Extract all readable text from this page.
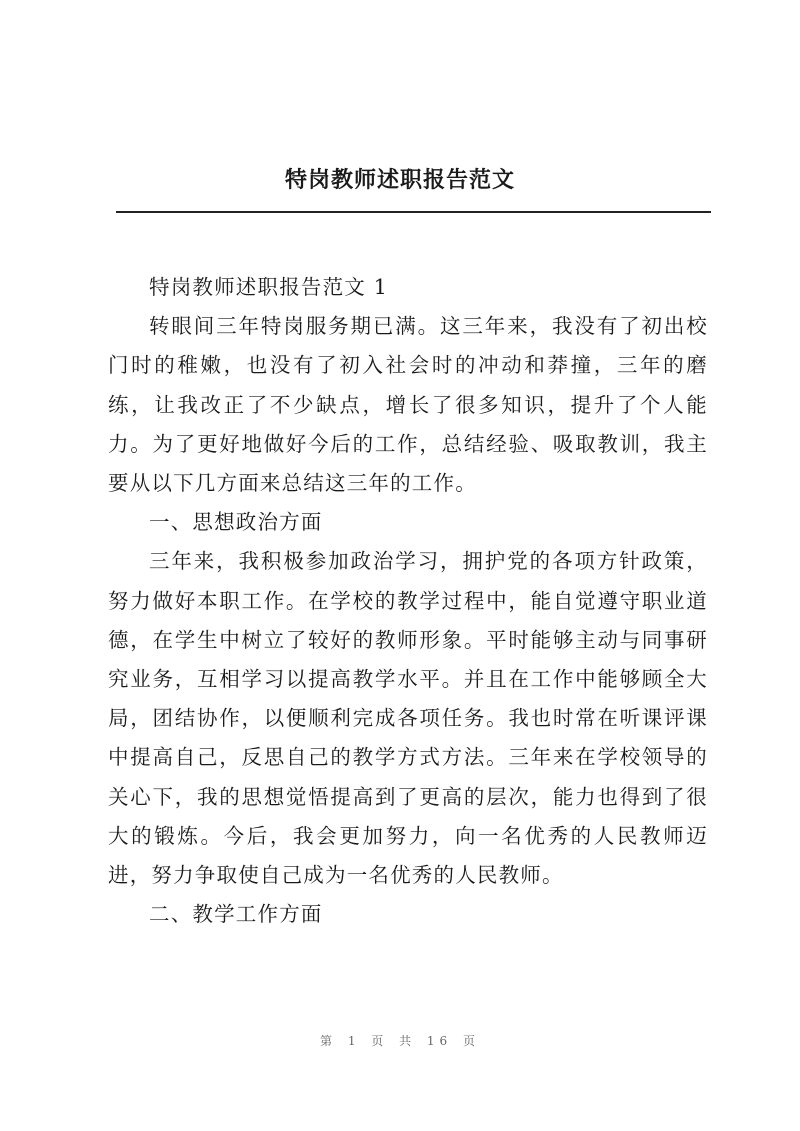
特岗教师述职报告范文

特岗教师述职报告范文 1

转眼间三年特岗服务期已满。这三年来，我没有了初出校门时的稚嫩，也没有了初入社会时的冲动和莽撞，三年的磨练，让我改正了不少缺点，增长了很多知识，提升了个人能力。为了更好地做好今后的工作，总结经验、吸取教训，我主要从以下几方面来总结这三年的工作。

一、思想政治方面

三年来，我积极参加政治学习，拥护党的各项方针政策，努力做好本职工作。在学校的教学过程中，能自觉遵守职业道德，在学生中树立了较好的教师形象。平时能够主动与同事研究业务，互相学习以提高教学水平。并且在工作中能够顾全大局，团结协作，以便顺利完成各项任务。我也时常在听课评课中提高自己，反思自己的教学方式方法。三年来在学校领导的关心下，我的思想觉悟提高到了更高的层次，能力也得到了很大的锻炼。今后，我会更加努力，向一名优秀的人民教师迈进，努力争取使自己成为一名优秀的人民教师。

二、教学工作方面

第 1 页 共 16 页
